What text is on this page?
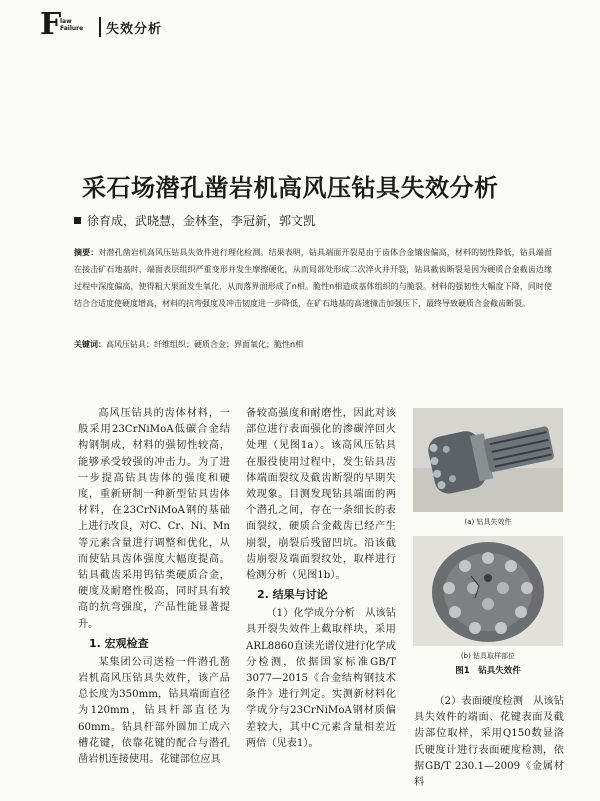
F
law
Failure 失效分析
采石场潜孔凿岩机高风压钻具失效分析
徐育成，武晓慧，金林奎，李冠新，郭文凯
摘要：对潜孔凿岩机高风压钻具失效件进行理化检测。结果表明，钻具端面开裂是由于齿体合金镶齿偏高，材料的韧性降低，钻具端面在接击矿石地基时，端面表层组织严重变形并发生摩擦硬化，从而局部处形成二次淬火并开裂，钻具截齿断裂是因为硬质合金截齿边缘过程中深度偏高，使得粗大果面发生氧化，从而落界面形成了n相。脆性n相造成基体组织的与脆裂。材料的强韧性大幅度下降，同时使结合合适度使硬度增高，材料的抗弯强度及冲击韧度进一步降低，在矿石地基的高速撞击加强压下，最终导致硬质合金截齿断裂。
关键词：高风压钻具；纤维组织；硬质合金；界面氧化；脆性n相

高风压钻具的齿体材料，一般采用23CrNiMoA低碳合金结构钢制成，材料的强韧性较高，能够承受较强的冲击力。为了进一步提高钻具齿体的强度和硬度，重新研制一种新型钻具齿体材料，在23CrNiMoA钢的基础上进行改良，对C、Cr、Ni、Mn等元素含量进行调整和优化，从而使钻具齿体强度大幅度提高。钻具截齿采用钨钴类硬质合金，硬度及耐磨性极高，同时具有较高的抗弯强度，产品性能显著提升。

1. 宏观检查

某集团公司送检一件潜孔凿岩机高风压钻具失效件，该产品总长度为350mm，钻具端面直径为120mm，钻具杆部直径为60mm。钻具杆部外圆加工成六槽花键，依靠花键的配合与潜孔凿岩机连接使用。花键部位应具

备较高强度和耐磨性，因此对该部位进行表面强化的渗碳淬回火处理（见图1a）。该高风压钻具在服役使用过程中，发生钻具齿体端面裂纹及截齿断裂的早期失效现象。目测发现钻具端面的两个潜孔之间，存在一条细长的表面裂纹，硬质合金截齿已经产生崩裂，崩裂后残留凹坑。沿该截齿崩裂及端面裂纹处，取样进行检测分析（见图1b）。

2. 结果与讨论

（1）化学成分分析　从该钻具开裂失效件上截取样块，采用ARL8860直读光谱仪进行化学成分检测，依据国家标准GB/T 3077—2015《合金结构钢技术条件》进行判定。实测新材料化学成分与23CrNiMoA钢材质偏差较大，其中C元素含量相差近两倍（见表1）。

(a) 钻具失效件
(b) 钻具取样部位
图1　钻具失效件

（2）表面硬度检测　从该钻具失效件的端面、花键表面及截齿部位取样，采用Q150数显洛氏硬度计进行表面硬度检测，依据GB/T 230.1—2009《金属材料
